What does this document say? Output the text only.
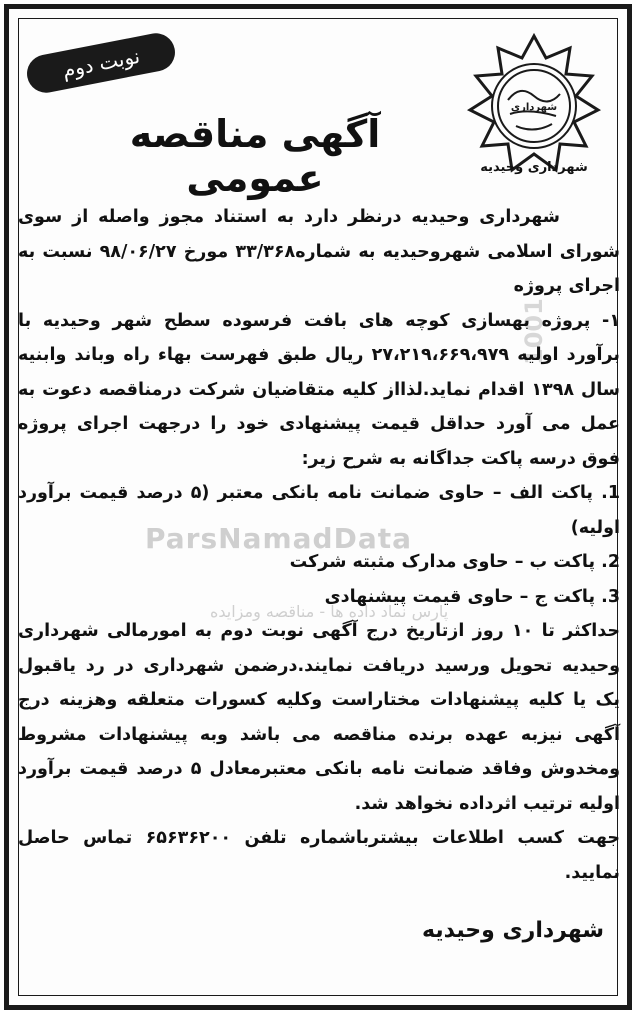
شهرداری
شهرداری وحیدیه
نوبت دوم
آگهی مناقصه عمومی
1001

شهرداری وحیدیه درنظر دارد به استناد مجوز واصله از سوی شورای اسلامی شهروحیدیه به شماره۳۳/۳۶۸ مورخ ۹۸/۰۶/۲۷ نسبت به اجرای پروژه

۱- پروژه بهسازی کوچه های بافت فرسوده سطح شهر وحیدیه با برآورد اولیه ۲۷،۲۱۹،۶۶۹،۹۷۹ ریال طبق فهرست بهاء راه وباند وابنیه سال ۱۳۹۸ اقدام نماید.لذااز کلیه متقاضیان شرکت درمناقصه دعوت به عمل می آورد حداقل قیمت پیشنهادی خود را درجهت اجرای پروژه فوق درسه پاکت جداگانه به شرح زیر:

1. پاکت الف – حاوی ضمانت نامه بانکی معتبر (۵ درصد قیمت برآورد اولیه)
2. پاکت ب – حاوی مدارک مثبته شرکت
3. پاکت ج – حاوی قیمت پیشنهادی

حداکثر تا ۱۰ روز ازتاریخ درج آگهی نوبت دوم به امورمالی شهرداری وحیدیه تحویل ورسید دریافت نمایند.درضمن شهرداری در رد یاقبول یک یا کلیه پیشنهادات مختاراست وکلیه کسورات متعلقه وهزینه درج آگهی نیزبه عهده برنده مناقصه می باشد وبه پیشنهادات مشروط ومخدوش وفاقد ضمانت نامه بانکی معتبرمعادل ۵ درصد قیمت برآورد اولیه ترتیب اثرداده نخواهد شد.

جهت کسب اطلاعات بیشترباشماره تلفن ۶۵۶۳۶۲۰۰ تماس حاصل نمایید.

ParsNamadData
پارس نماد داده ها - مناقصه ومزایده
شهرداری وحیدیه
